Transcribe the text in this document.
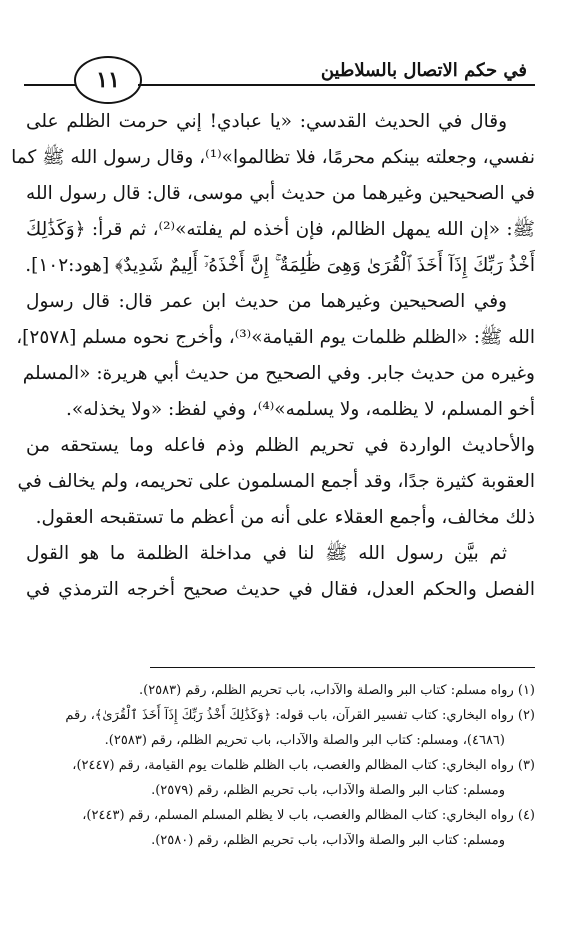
١١	في حكم الاتصال بالسلاطين
وقال في الحديث القدسي: «يا عبادي! إني حرمت الظلم على
نفسي، وجعلته بينكم محرمًا، فلا تظالموا»⁽¹⁾، وقال رسول الله ﷺ كما
في الصحيحين وغيرهما من حديث أبي موسى، قال: قال رسول الله
ﷺ: «إن الله يمهل الظالم، فإن أخذه لم يفلته»⁽²⁾، ثم قرأ: ﴿وَكَذَٰلِكَ
أَخْذُ رَبِّكَ إِذَآ أَخَذَ ٱلْقُرَىٰ وَهِىَ ظَٰلِمَةٌ ۚ إِنَّ أَخْذَهُۥٓ أَلِيمٌ شَدِيدٌ﴾ [هود:١٠٢].
وفي الصحيحين وغيرهما من حديث ابن عمر قال: قال رسول
الله ﷺ: «الظلم ظلمات يوم القيامة»⁽³⁾، وأخرج نحوه مسلم [٢٥٧٨]،
وغيره من حديث جابر. وفي الصحيح من حديث أبي هريرة: «المسلم
أخو المسلم، لا يظلمه، ولا يسلمه»⁽⁴⁾، وفي لفظ: «ولا يخذله».
والأحاديث الواردة في تحريم الظلم وذم فاعله وما يستحقه من
العقوبة كثيرة جدًا، وقد أجمع المسلمون على تحريمه، ولم يخالف في
ذلك مخالف، وأجمع العقلاء على أنه من أعظم ما تستقبحه العقول.
ثم بيَّن رسول الله ﷺ لنا في مداخلة الظلمة ما هو القول
الفصل والحكم العدل، فقال في حديث صحيح أخرجه الترمذي في
(١) رواه مسلم: كتاب البر والصلة والآداب، باب تحريم الظلم، رقم (٢٥٨٣).
(٢) رواه البخاري: كتاب تفسير القرآن، باب قوله: ﴿وَكَذَٰلِكَ أَخْذُ رَبِّكَ إِذَآ أَخَذَ ٱلْقُرَىٰ﴾، رقم
(٤٦٨٦)، ومسلم: كتاب البر والصلة والآداب، باب تحريم الظلم، رقم (٢٥٨٣).
(٣) رواه البخاري: كتاب المظالم والغصب، باب الظلم ظلمات يوم القيامة، رقم (٢٤٤٧)،
ومسلم: كتاب البر والصلة والآداب، باب تحريم الظلم، رقم (٢٥٧٩).
(٤) رواه البخاري: كتاب المظالم والغصب، باب لا يظلم المسلم المسلم، رقم (٢٤٤٣)،
ومسلم: كتاب البر والصلة والآداب، باب تحريم الظلم، رقم (٢٥٨٠).
